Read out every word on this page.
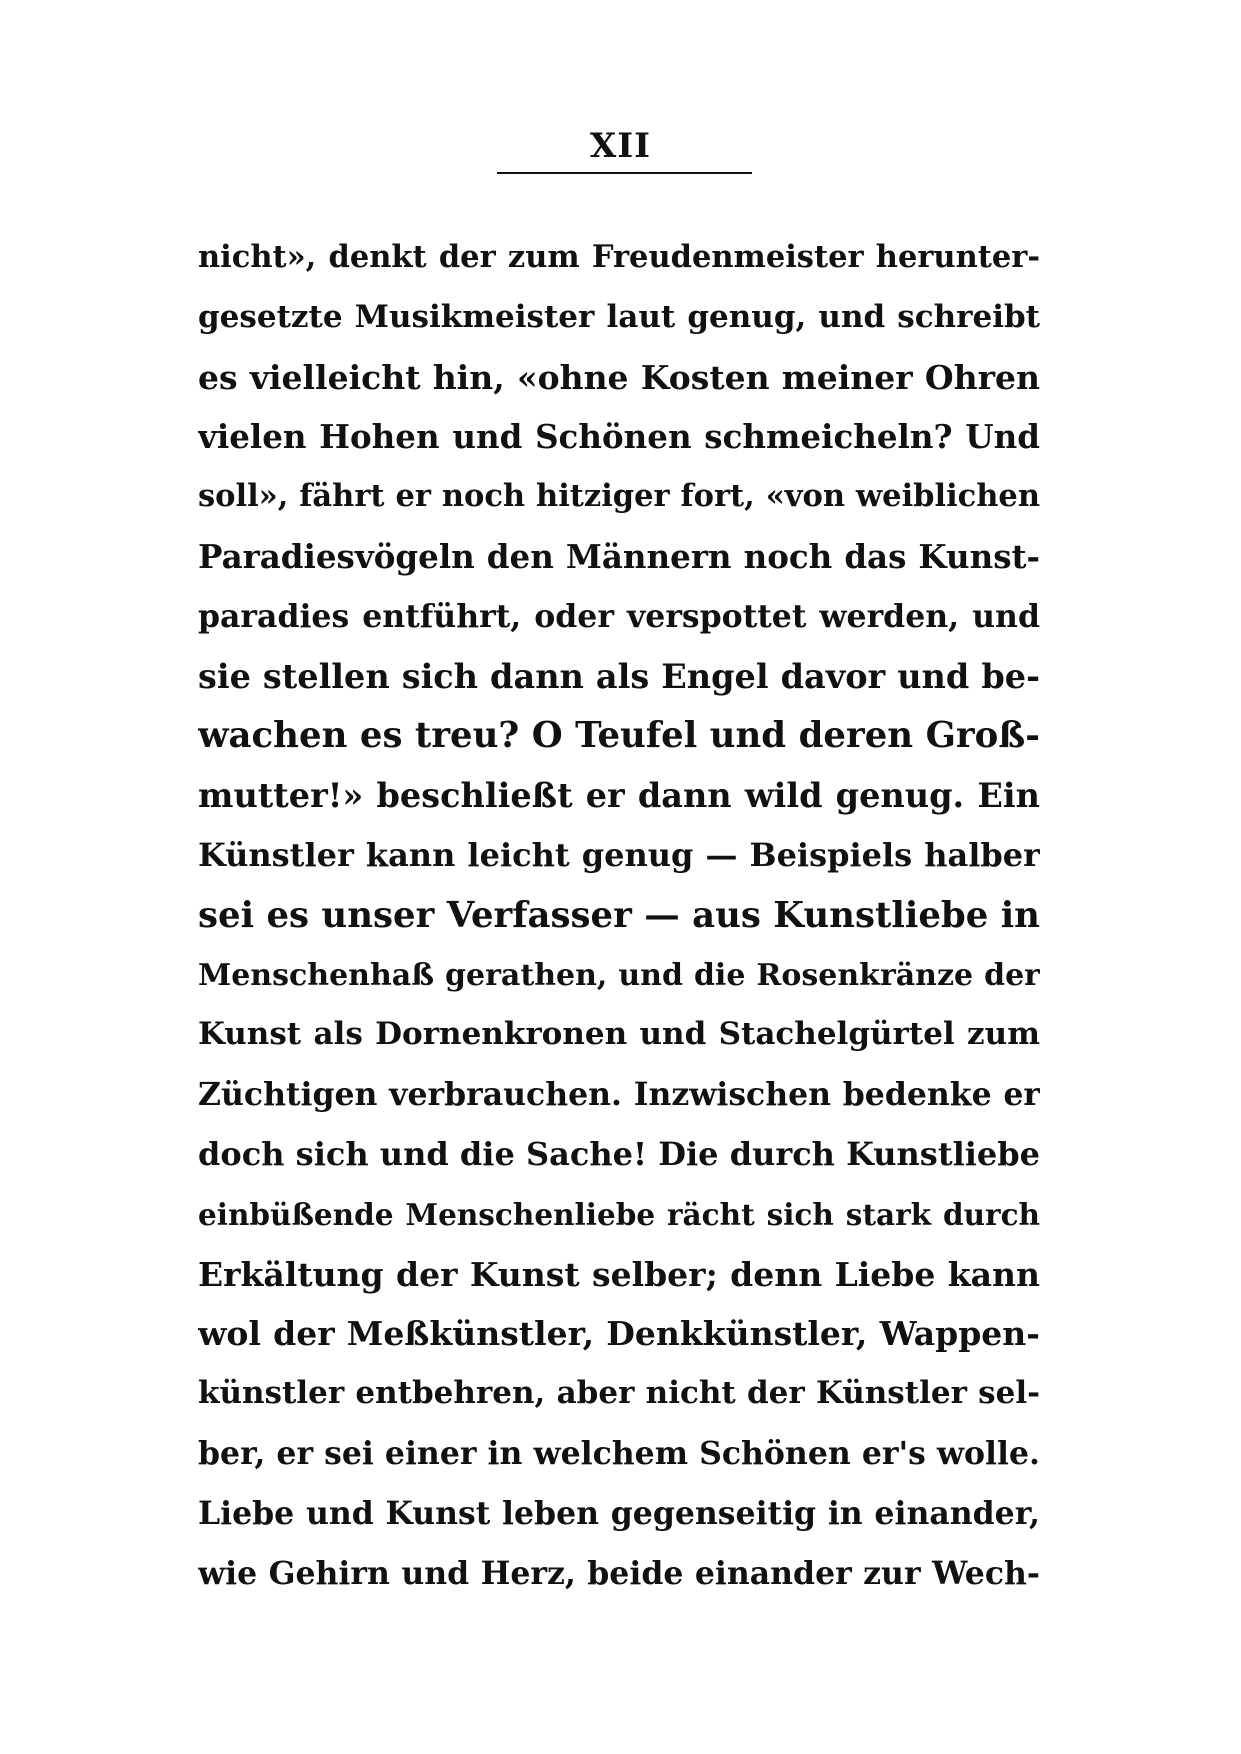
XII
nicht», denkt der zum Freudenmeister herunter-
gesetzte Musikmeister laut genug, und schreibt
es vielleicht hin, «ohne Kosten meiner Ohren
vielen Hohen und Schönen schmeicheln? Und
soll», fährt er noch hitziger fort, «von weiblichen
Paradiesvögeln den Männern noch das Kunst-
paradies entführt, oder verspottet werden, und
sie stellen sich dann als Engel davor und be-
wachen es treu? O Teufel und deren Groß-
mutter!» beschließt er dann wild genug. Ein
Künstler kann leicht genug — Beispiels halber
sei es unser Verfasser — aus Kunstliebe in
Menschenhaß gerathen, und die Rosenkränze der
Kunst als Dornenkronen und Stachelgürtel zum
Züchtigen verbrauchen. Inzwischen bedenke er
doch sich und die Sache! Die durch Kunstliebe
einbüßende Menschenliebe rächt sich stark durch
Erkältung der Kunst selber; denn Liebe kann
wol der Meßkünstler, Denkkünstler, Wappen-
künstler entbehren, aber nicht der Künstler sel-
ber, er sei einer in welchem Schönen er's wolle.
Liebe und Kunst leben gegenseitig in einander,
wie Gehirn und Herz, beide einander zur Wech-
